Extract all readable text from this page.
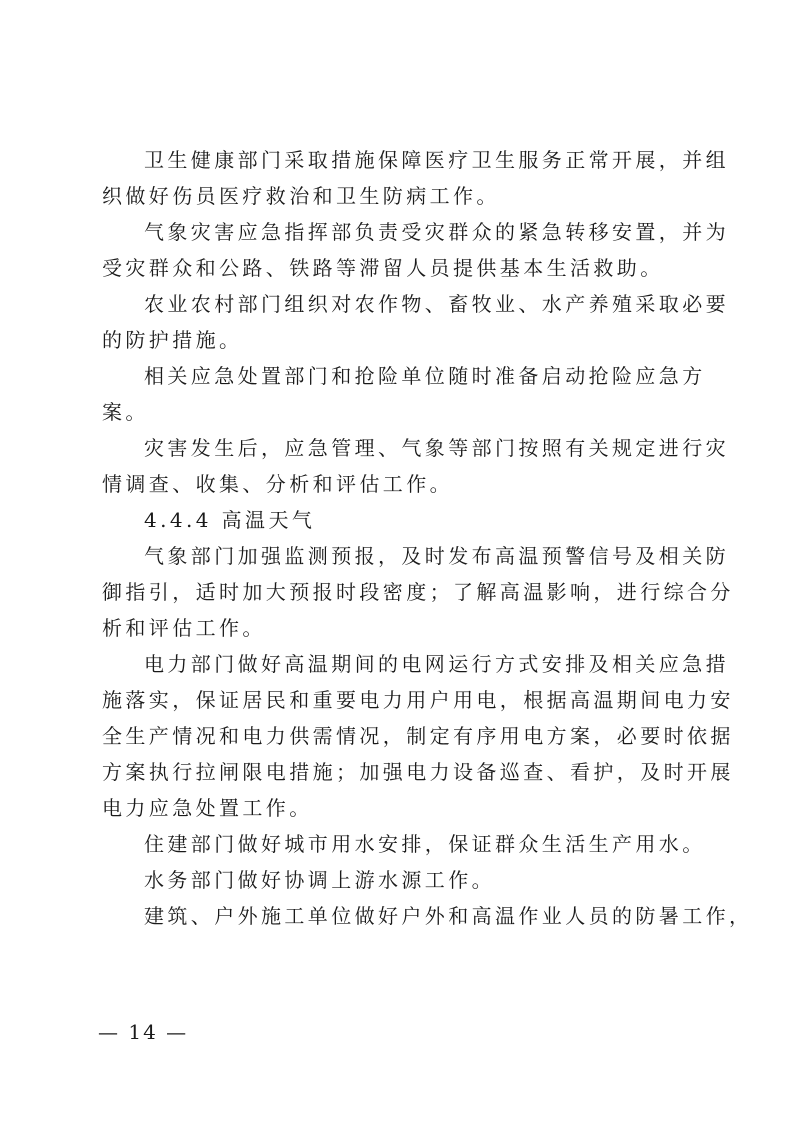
卫生健康部门采取措施保障医疗卫生服务正常开展，并组
织做好伤员医疗救治和卫生防病工作。
气象灾害应急指挥部负责受灾群众的紧急转移安置，并为
受灾群众和公路、铁路等滞留人员提供基本生活救助。
农业农村部门组织对农作物、畜牧业、水产养殖采取必要
的防护措施。
相关应急处置部门和抢险单位随时准备启动抢险应急方
案。
灾害发生后，应急管理、气象等部门按照有关规定进行灾
情调查、收集、分析和评估工作。
4.4.4 高温天气
气象部门加强监测预报，及时发布高温预警信号及相关防
御指引，适时加大预报时段密度；了解高温影响，进行综合分
析和评估工作。
电力部门做好高温期间的电网运行方式安排及相关应急措
施落实，保证居民和重要电力用户用电，根据高温期间电力安
全生产情况和电力供需情况，制定有序用电方案，必要时依据
方案执行拉闸限电措施；加强电力设备巡查、看护，及时开展
电力应急处置工作。
住建部门做好城市用水安排，保证群众生活生产用水。
水务部门做好协调上游水源工作。
建筑、户外施工单位做好户外和高温作业人员的防暑工作，
— 14 —
